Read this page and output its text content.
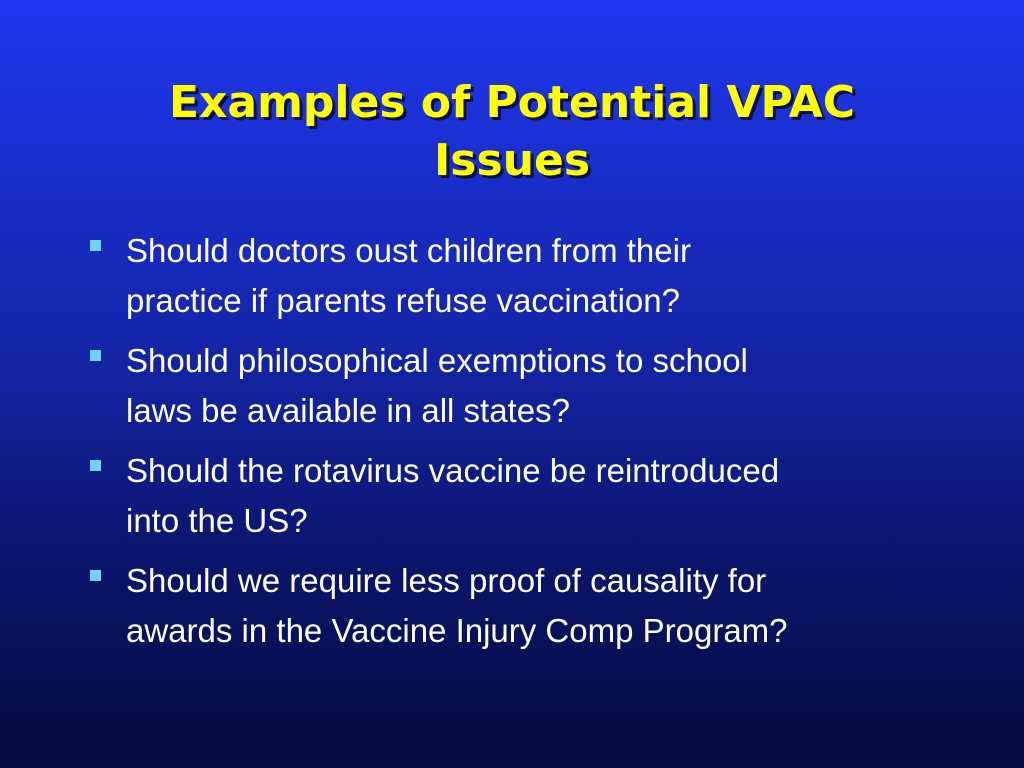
Examples of Potential VPAC
Issues
Should doctors oust children from their
practice if parents refuse vaccination?
Should philosophical exemptions to school
laws be available in all states?
Should the rotavirus vaccine be reintroduced
into the US?
Should we require less proof of causality for
awards in the Vaccine Injury Comp Program?
